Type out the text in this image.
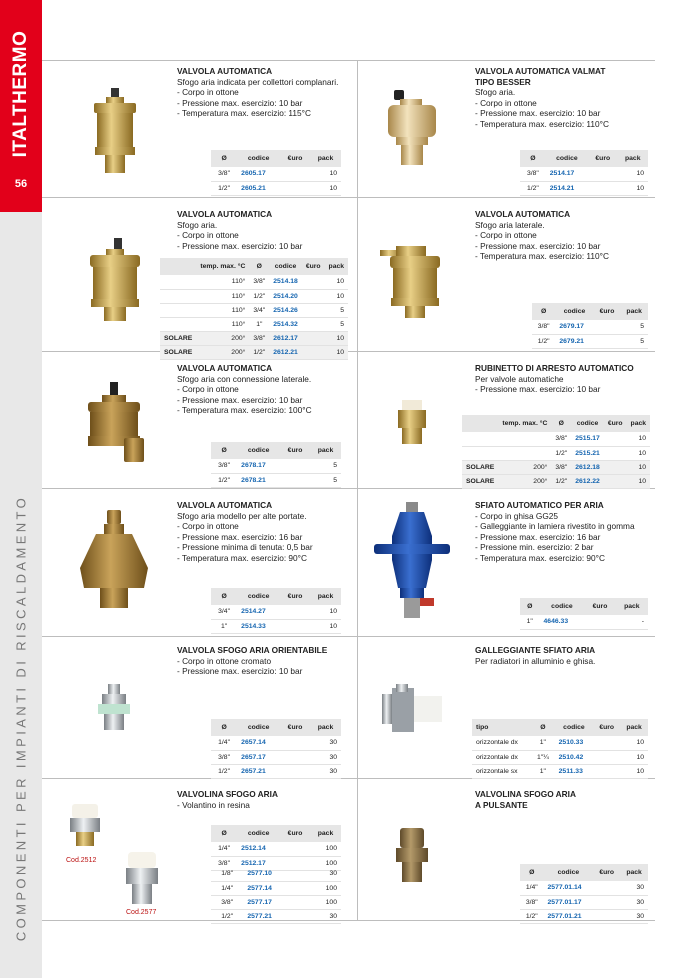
ITALTHERMO
56
COMPONENTI PER IMPIANTI DI RISCALDAMENTO
VALVOLA AUTOMATICA
Sfogo aria indicata per collettori complanari.
- Corpo in ottone
- Pressione max. esercizio: 10 bar
- Temperatura max. esercizio: 115°C
Ø	codice	€uro	pack
3/8"	2605.17		10
1/2"	2605.21		10
VALVOLA AUTOMATICA VALMAT
TIPO BESSER
Sfogo aria.
- Corpo in ottone
- Pressione max. esercizio: 10 bar
- Temperatura max. esercizio: 110°C
Ø	codice	€uro	pack
3/8"	2514.17		10
1/2"	2514.21		10
VALVOLA AUTOMATICA
Sfogo aria.
- Corpo in ottone
- Pressione max. esercizio: 10 bar
	temp. max. °C	Ø	codice	€uro	pack
	110°	3/8"	2514.18		10
	110°	1/2"	2514.20		10
	110°	3/4"	2514.26		5
	110°	1"	2514.32		5
SOLARE	200°	3/8"	2612.17		10
SOLARE	200°	1/2"	2612.21		10
VALVOLA AUTOMATICA
Sfogo aria laterale.
- Corpo in ottone
- Pressione max. esercizio: 10 bar
- Temperatura max. esercizio: 110°C
Ø	codice	€uro	pack
3/8"	2679.17		5
1/2"	2679.21		5
VALVOLA AUTOMATICA
Sfogo aria con connessione laterale.
- Corpo in ottone
- Pressione max. esercizio: 10 bar
- Temperatura max. esercizio: 100°C
Ø	codice	€uro	pack
3/8"	2678.17		5
1/2"	2678.21		5
RUBINETTO DI ARRESTO AUTOMATICO
Per valvole automatiche
- Pressione max. esercizio: 10 bar
	temp. max. °C	Ø	codice	€uro	pack
		3/8"	2515.17		10
		1/2"	2515.21		10
SOLARE	200°	3/8"	2612.18		10
SOLARE	200°	1/2"	2612.22		10
VALVOLA AUTOMATICA
Sfogo aria modello per alte portate.
- Corpo in ottone
- Pressione max. esercizio: 16 bar
- Pressione minima di tenuta: 0,5 bar
- Temperatura max. esercizio: 90°C
Ø	codice	€uro	pack
3/4"	2514.27		10
1"	2514.33		10
SFIATO AUTOMATICO PER ARIA
- Corpo in ghisa GG25
- Galleggiante in lamiera rivestito in gomma
- Pressione max. esercizio: 16 bar
- Pressione min. esercizio: 2 bar
- Temperatura max. esercizio: 90°C
Ø	codice	€uro	pack
1"	4646.33		-
VALVOLA SFOGO ARIA ORIENTABILE
- Corpo in ottone cromato
- Pressione max. esercizio: 10 bar
Ø	codice	€uro	pack
1/4"	2657.14		30
3/8"	2657.17		30
1/2"	2657.21		30
GALLEGGIANTE SFIATO ARIA
Per radiatori in alluminio e ghisa.
tipo	Ø	codice	€uro	pack
orizzontale dx	1"	2510.33		10
orizzontale dx	1"¼	2510.42		10
orizzontale sx	1"	2511.33		10
VALVOLINA SFOGO ARIA
- Volantino in resina
Cod.2512
Cod.2577
Ø	codice	€uro	pack
1/4"	2512.14		100
3/8"	2512.17		100
1/8"	2577.10		30
1/4"	2577.14		100
3/8"	2577.17		100
1/2"	2577.21		30
VALVOLINA SFOGO ARIA
A PULSANTE
Ø	codice	€uro	pack
1/4"	2577.01.14		30
3/8"	2577.01.17		30
1/2"	2577.01.21		30
